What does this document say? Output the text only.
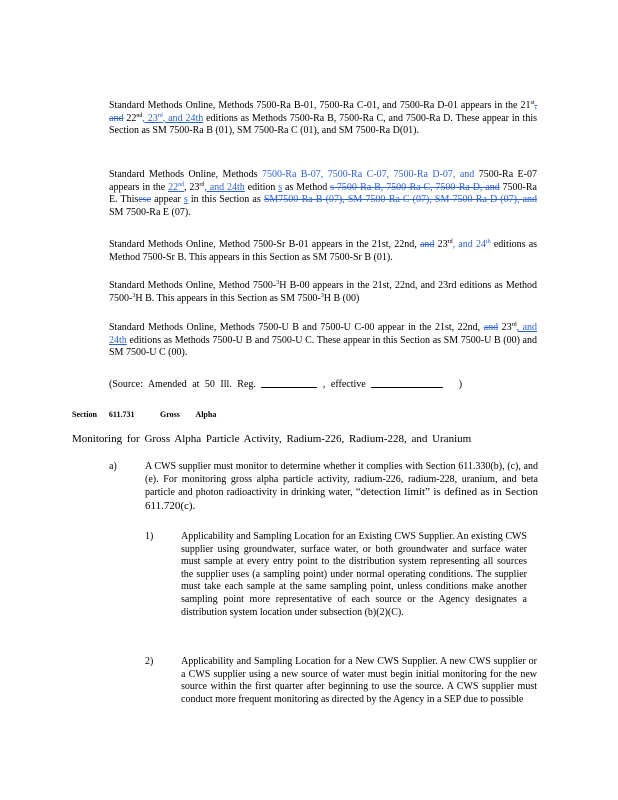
Standard Methods Online, Methods 7500-Ra B-01, 7500-Ra C-01, and 7500-Ra D-01 appears in the 21st, and 22nd, 23rd, and 24th editions as Methods 7500-Ra B, 7500-Ra C, and 7500-Ra D. These appear in this Section as SM 7500-Ra B (01), SM 7500-Ra C (01), and SM 7500-Ra D(01).
Standard Methods Online, Methods 7500-Ra B-07, 7500-Ra C-07, 7500-Ra D-07, and 7500-Ra E-07 appears in the 22nd, 23rd, and 24th edition s as Method s 7500-Ra B, 7500-Ra C, 7500-Ra D, and 7500-Ra E. Thisese appear s in this Section as SM7500-Ra B (07), SM 7500-Ra C (07), SM 7500-Ra D (07), and SM 7500-Ra E (07).
Standard Methods Online, Method 7500-Sr B-01 appears in the 21st, 22nd, and 23rd, and 24th editions as Method 7500-Sr B. This appears in this Section as SM 7500-Sr B (01).
Standard Methods Online, Method 7500-$^3$H B-00 appears in the 21st, 22nd, and 23rd editions as Method 7500-$^3$H B. This appears in this Section as SM 7500-$^3$H B (00)
Standard Methods Online, Methods 7500-U B and 7500-U C-00 appear in the 21st, 22nd, and 23rd, and 24th editions as Methods 7500-U B and 7500-U C. These appear in this Section as SM 7500-U B (00) and SM 7500-U C (00).
(Source: Amended at 50 Ill. Reg.	, effective	)
Section 611.731	Gross Alpha
Monitoring for Gross Alpha Particle Activity, Radium-226, Radium-228, and Uranium
a)	A CWS supplier must monitor to determine whether it complies with Section 611.330(b), (c), and (e). For monitoring gross alpha particle activity, radium-226, radium-228, uranium, and beta particle and photon radioactivity in drinking water, “detection limit” is defined as in Section 611.720(c).
1)	Applicability and Sampling Location for an Existing CWS Supplier. An existing CWS supplier using groundwater, surface water, or both groundwater and surface water must sample at every entry point to the distribution system representing all sources the supplier uses (a sampling point) under normal operating conditions. The supplier must take each sample at the same sampling point, unless conditions make another sampling point more representative of each source or the Agency designates a distribution system location under subsection (b)(2)(C).
2)	Applicability and Sampling Location for a New CWS Supplier. A new CWS supplier or a CWS supplier using a new source of water must begin initial monitoring for the new source within the first quarter after beginning to use the source. A CWS supplier must conduct more frequent monitoring as directed by the Agency in a SEP due to possible
